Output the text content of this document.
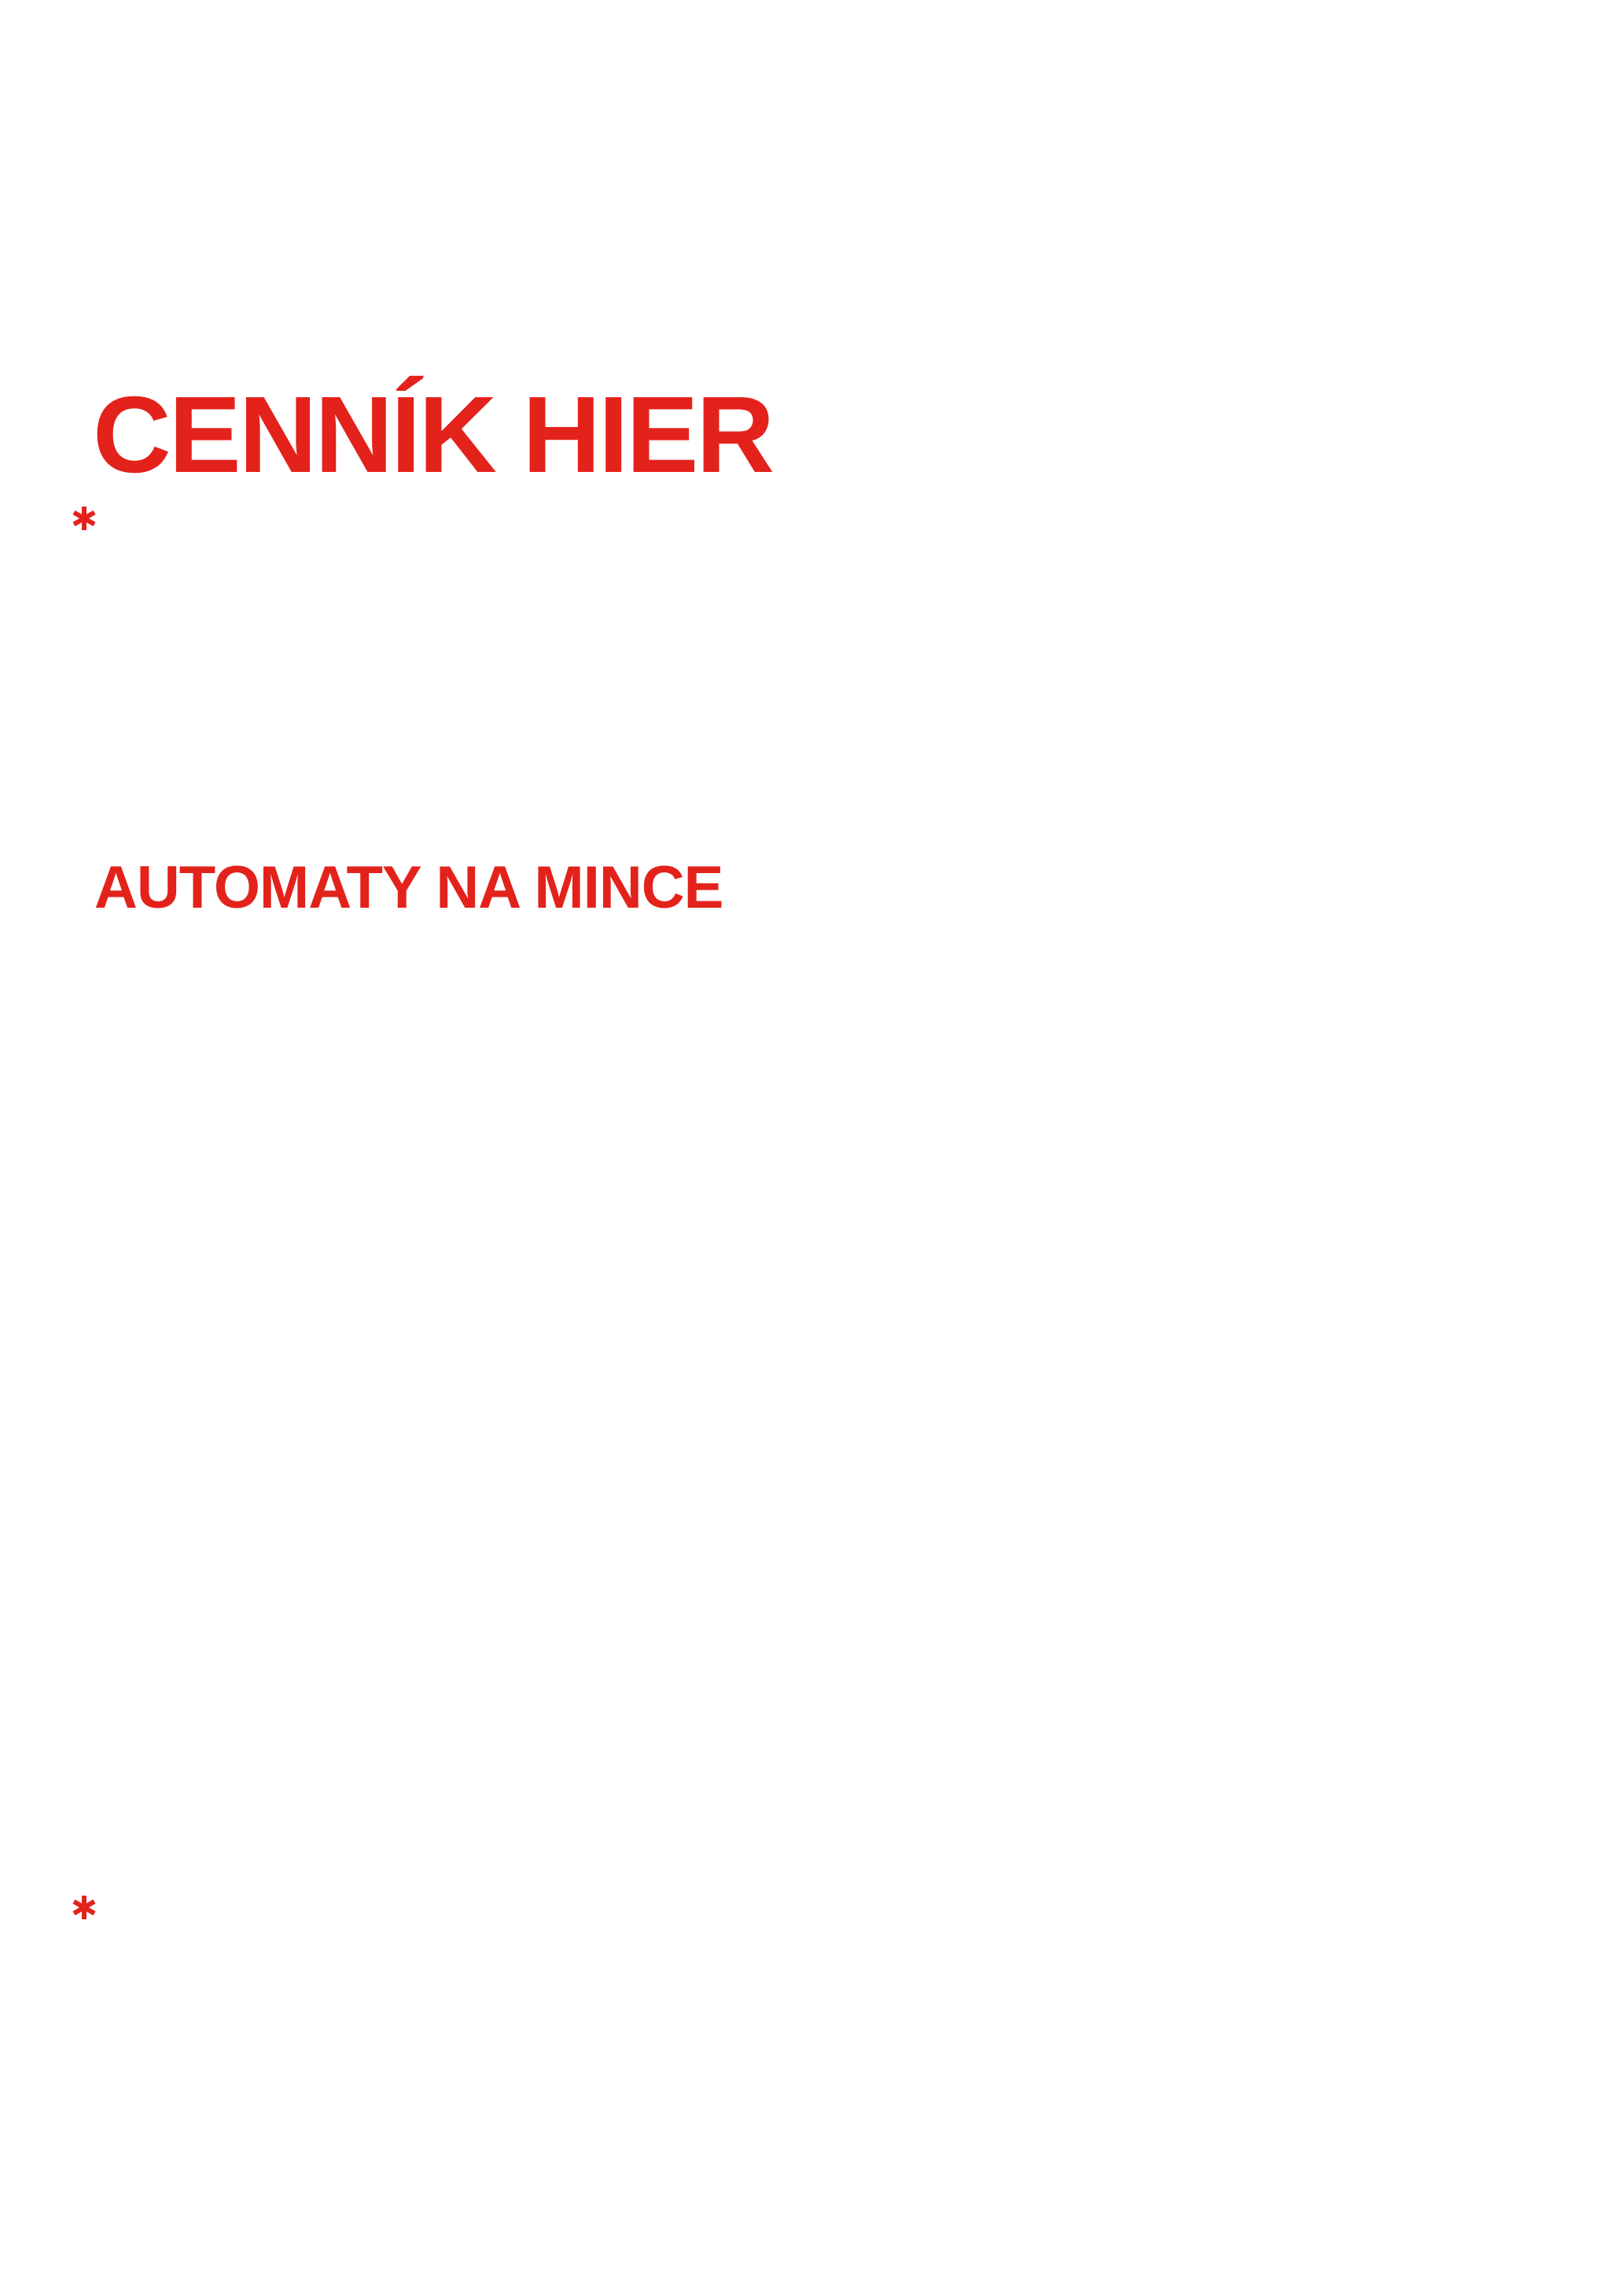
CENNÍK HIER
AUTOMATY NA MINCE
